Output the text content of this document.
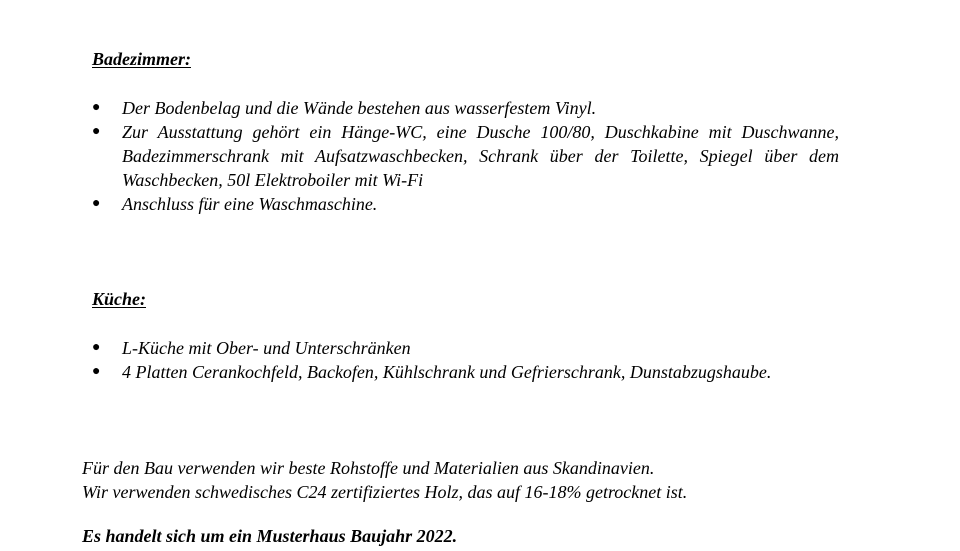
Badezimmer:
● Der Bodenbelag und die Wände bestehen aus wasserfestem Vinyl.
● Zur Ausstattung gehört ein Hänge-WC, eine Dusche 100/80, Duschkabine mit Duschwanne, Badezimmerschrank mit Aufsatzwaschbecken, Schrank über der Toilette, Spiegel über dem Waschbecken, 50l Elektroboiler mit Wi-Fi
● Anschluss für eine Waschmaschine.
Küche:
● L-Küche mit Ober- und Unterschränken
● 4 Platten Cerankochfeld, Backofen, Kühlschrank und Gefrierschrank, Dunstabzugshaube.
Für den Bau verwenden wir beste Rohstoffe und Materialien aus Skandinavien.
Wir verwenden schwedisches C24 zertifiziertes Holz, das auf 16-18% getrocknet ist.
Es handelt sich um ein Musterhaus Baujahr 2022.
